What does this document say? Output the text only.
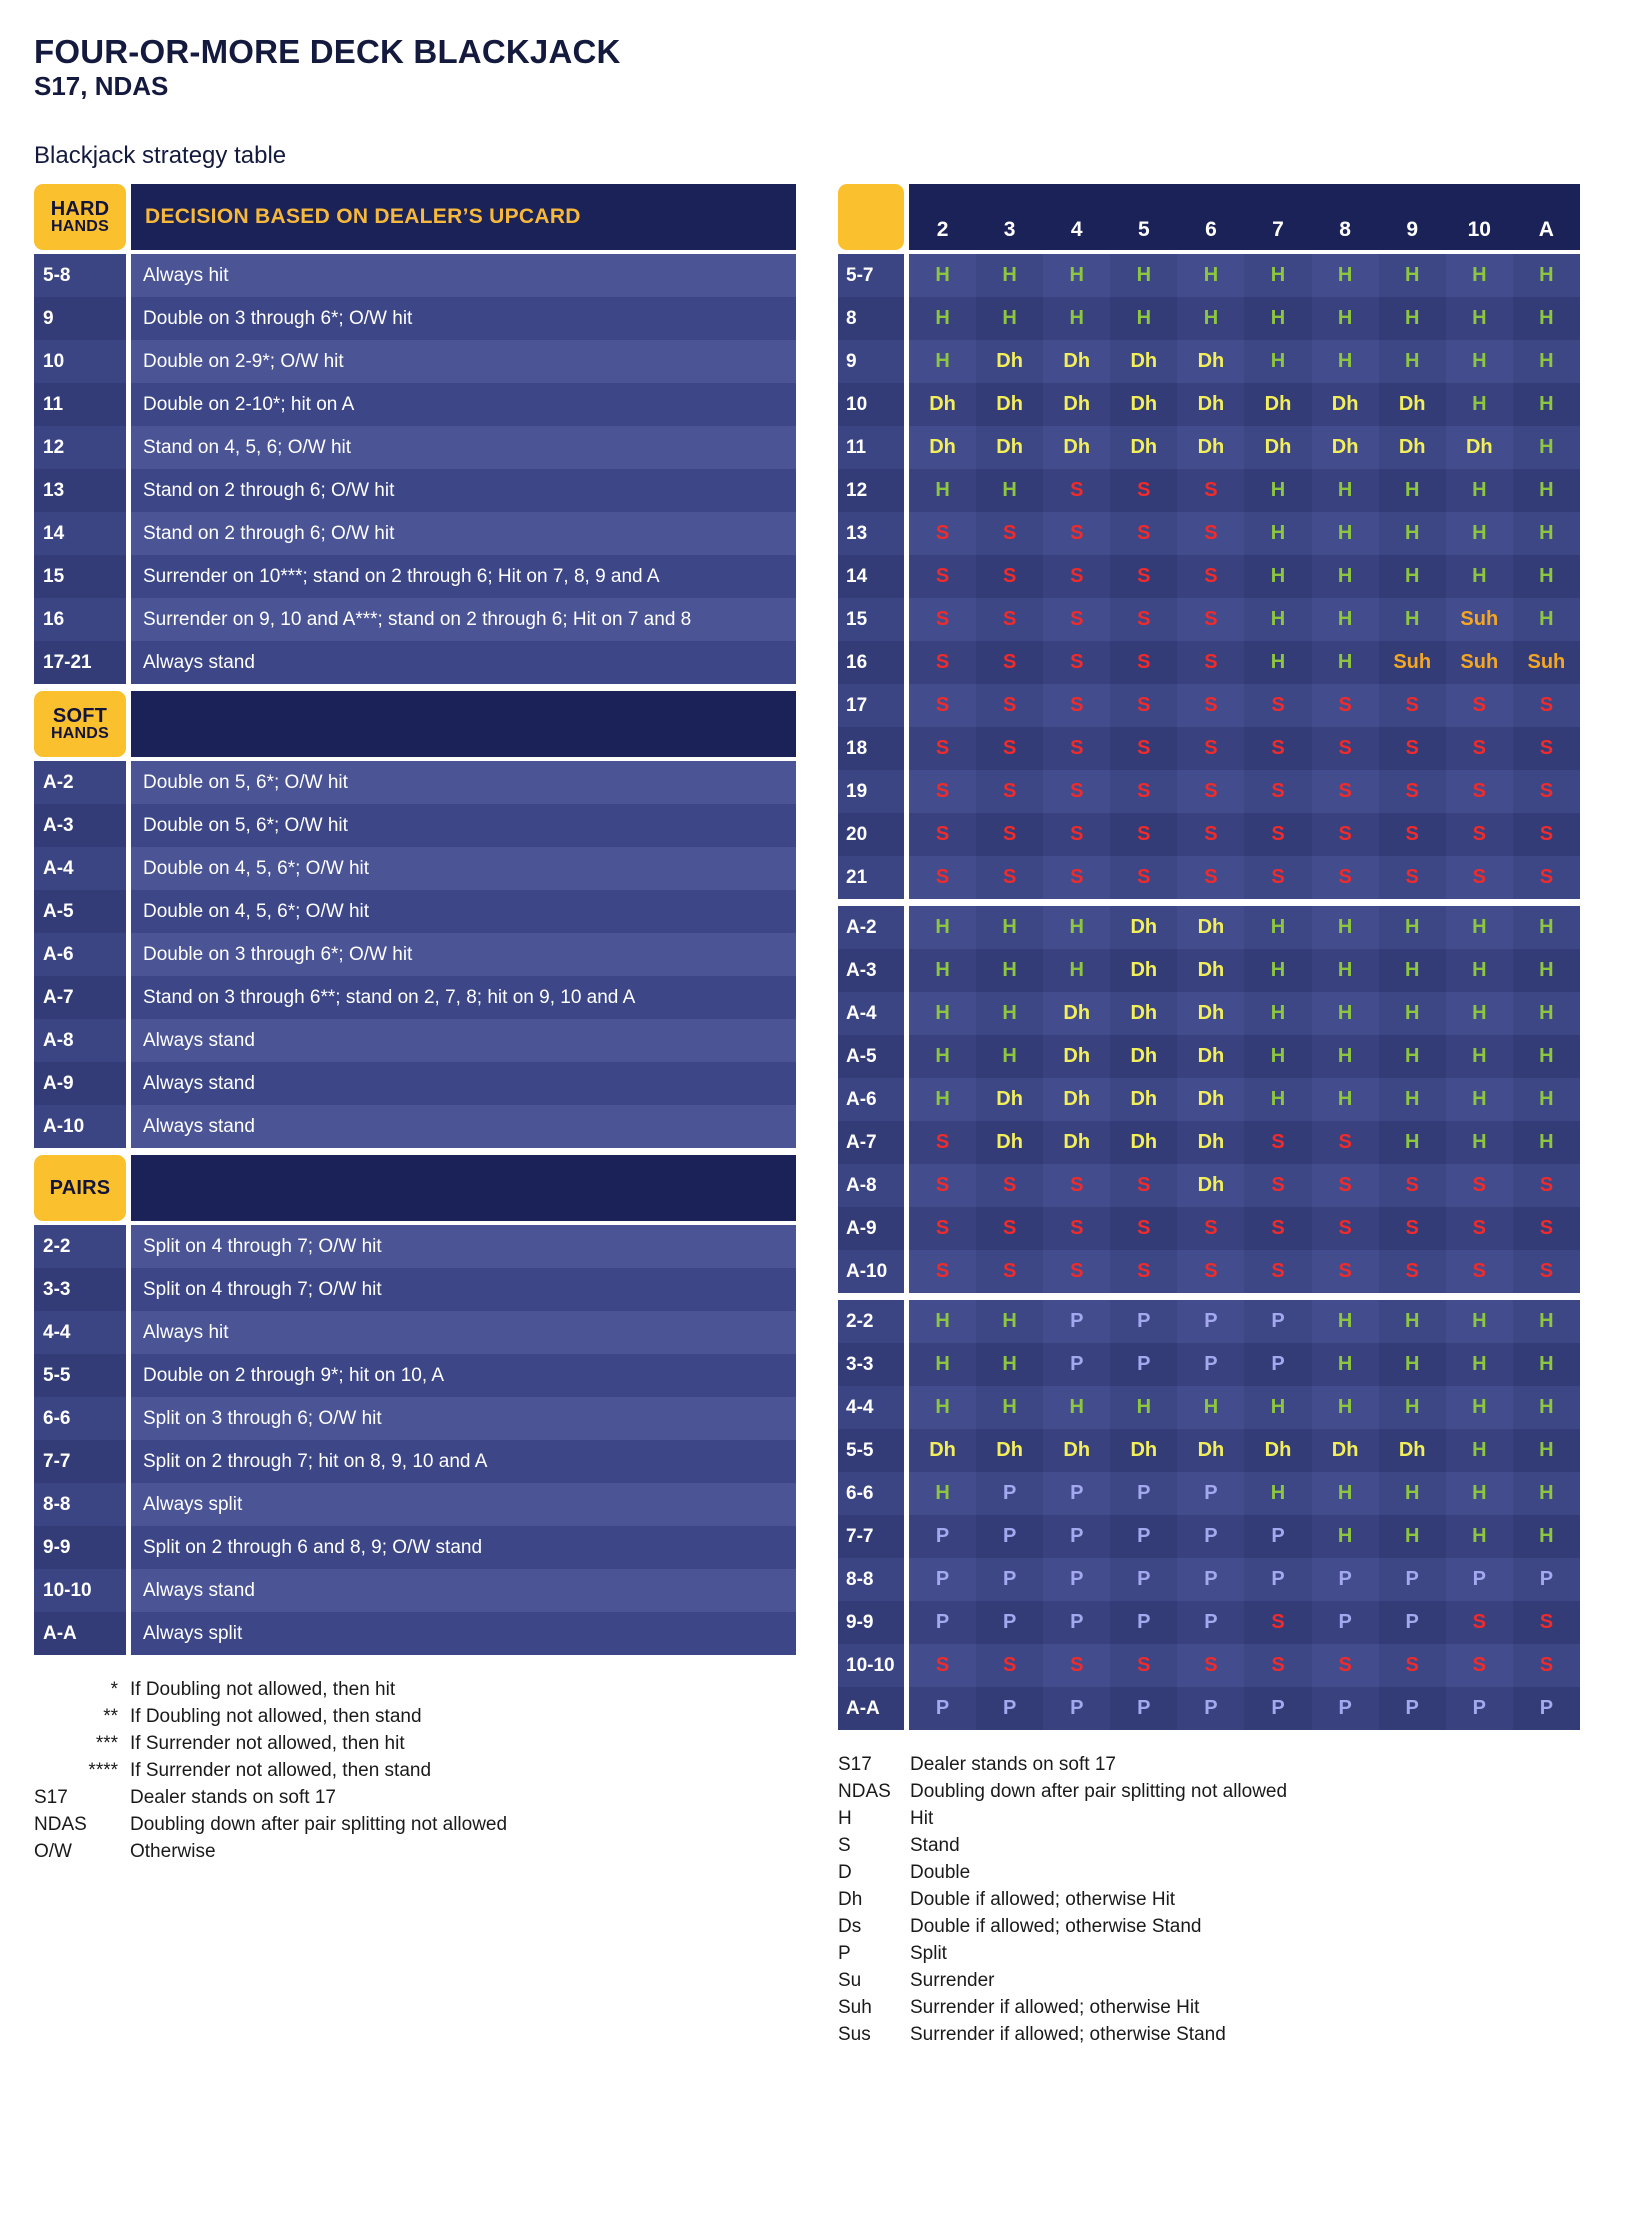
FOUR-OR-MORE DECK BLACKJACK
S17, NDAS
Blackjack strategy table
HARD
HANDS	DECISION BASED ON DEALER’S UPCARD
5-8	Always hit
9	Double on 3 through 6*; O/W hit
10	Double on 2-9*; O/W hit
11	Double on 2-10*; hit on A
12	Stand on 4, 5, 6; O/W hit
13	Stand on 2 through 6; O/W hit
14	Stand on 2 through 6; O/W hit
15	Surrender on 10***; stand on 2 through 6; Hit on 7, 8, 9 and A
16	Surrender on 9, 10 and A***; stand on 2 through 6; Hit on 7 and 8
17-21	Always stand
SOFT
HANDS
A-2	Double on 5, 6*; O/W hit
A-3	Double on 5, 6*; O/W hit
A-4	Double on 4, 5, 6*; O/W hit
A-5	Double on 4, 5, 6*; O/W hit
A-6	Double on 3 through 6*; O/W hit
A-7	Stand on 3 through 6**; stand on 2, 7, 8; hit on 9, 10 and A
A-8	Always stand
A-9	Always stand
A-10	Always stand
PAIRS
2-2	Split on 4 through 7; O/W hit
3-3	Split on 4 through 7; O/W hit
4-4	Always hit
5-5	Double on 2 through 9*; hit on 10, A
6-6	Split on 3 through 6; O/W hit
7-7	Split on 2 through 7; hit on 8, 9, 10 and A
8-8	Always split
9-9	Split on 2 through 6 and 8, 9; O/W stand
10-10	Always stand
A-A	Always split
* If Doubling not allowed, then hit
** If Doubling not allowed, then stand
*** If Surrender not allowed, then hit
**** If Surrender not allowed, then stand
S17	Dealer stands on soft 17
NDAS	Doubling down after pair splitting not allowed
O/W	Otherwise
2	3	4	5	6	7	8	9	10	A
5-7	H	H	H	H	H	H	H	H	H	H
8	H	H	H	H	H	H	H	H	H	H
9	H	Dh	Dh	Dh	Dh	H	H	H	H	H
10	Dh	Dh	Dh	Dh	Dh	Dh	Dh	Dh	H	H
11	Dh	Dh	Dh	Dh	Dh	Dh	Dh	Dh	Dh	H
12	H	H	S	S	S	H	H	H	H	H
13	S	S	S	S	S	H	H	H	H	H
14	S	S	S	S	S	H	H	H	H	H
15	S	S	S	S	S	H	H	H	Suh	H
16	S	S	S	S	S	H	H	Suh	Suh	Suh
17	S	S	S	S	S	S	S	S	S	S
18	S	S	S	S	S	S	S	S	S	S
19	S	S	S	S	S	S	S	S	S	S
20	S	S	S	S	S	S	S	S	S	S
21	S	S	S	S	S	S	S	S	S	S
A-2	H	H	H	Dh	Dh	H	H	H	H	H
A-3	H	H	H	Dh	Dh	H	H	H	H	H
A-4	H	H	Dh	Dh	Dh	H	H	H	H	H
A-5	H	H	Dh	Dh	Dh	H	H	H	H	H
A-6	H	Dh	Dh	Dh	Dh	H	H	H	H	H
A-7	S	Dh	Dh	Dh	Dh	S	S	H	H	H
A-8	S	S	S	S	Dh	S	S	S	S	S
A-9	S	S	S	S	S	S	S	S	S	S
A-10	S	S	S	S	S	S	S	S	S	S
2-2	H	H	P	P	P	P	H	H	H	H
3-3	H	H	P	P	P	P	H	H	H	H
4-4	H	H	H	H	H	H	H	H	H	H
5-5	Dh	Dh	Dh	Dh	Dh	Dh	Dh	Dh	H	H
6-6	H	P	P	P	P	H	H	H	H	H
7-7	P	P	P	P	P	P	H	H	H	H
8-8	P	P	P	P	P	P	P	P	P	P
9-9	P	P	P	P	P	S	P	P	S	S
10-10	S	S	S	S	S	S	S	S	S	S
A-A	P	P	P	P	P	P	P	P	P	P
S17	Dealer stands on soft 17
NDAS	Doubling down after pair splitting not allowed
H	Hit
S	Stand
D	Double
Dh	Double if allowed; otherwise Hit
Ds	Double if allowed; otherwise Stand
P	Split
Su	Surrender
Suh	Surrender if allowed; otherwise Hit
Sus	Surrender if allowed; otherwise Stand
